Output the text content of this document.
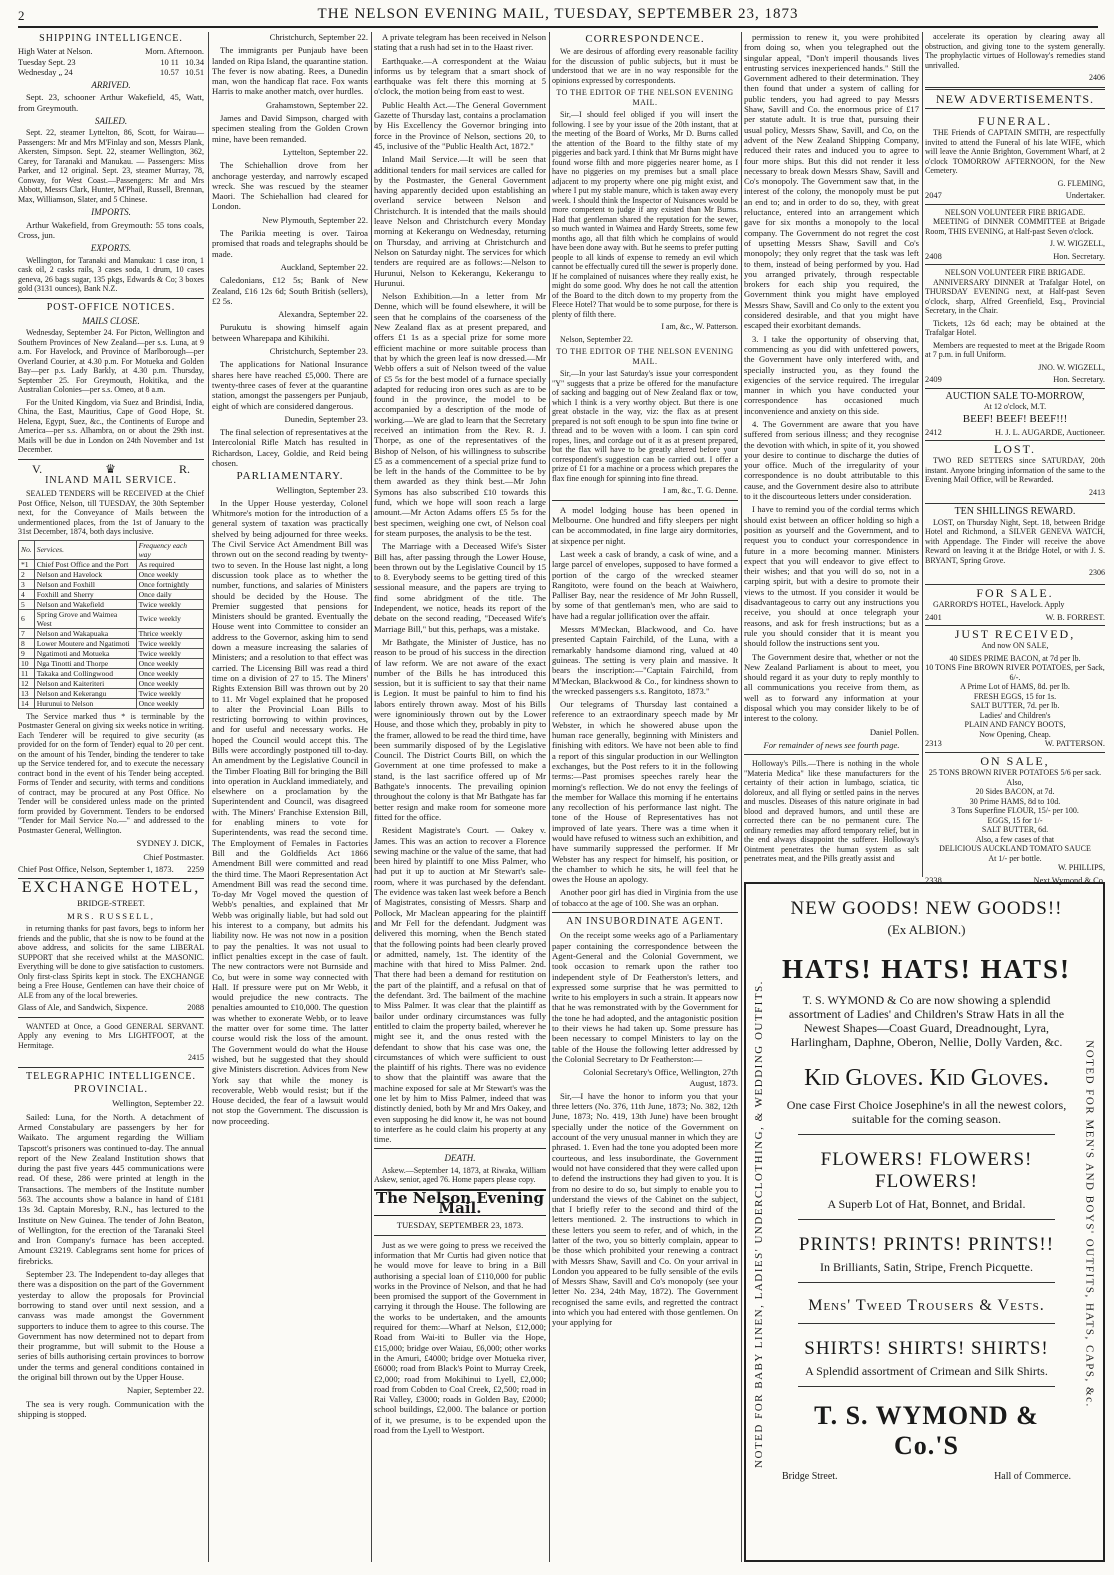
2	THE NELSON EVENING MAIL, TUESDAY, SEPTEMBER 23, 1873
SHIPPING INTELLIGENCE.
High Water at Nelson.	Morn. Afternoon.
Tuesday Sept. 23	10 11 10.34
Wednesday „ 24	10.57 10.51
ARRIVED.

Sept. 23, schooner Arthur Wakefield, 45, Watt, from Greymouth.

SAILED.

Sept. 22, steamer Lyttelton, 86, Scott, for Wairau—Passengers: Mr and Mrs M'Finlay and son, Messrs Plank, Akersten, Simpson. Sept. 22, steamer Wellington, 362, Carey, for Taranaki and Manukau. — Passengers: Miss Parker, and 12 original. Sept. 23, steamer Murray, 78, Conway, for West Coast.—Passengers: Mr and Mrs Abbott, Messrs Clark, Hunter, M'Phail, Russell, Brennan, Max, Williamson, Slater, and 5 Chinese.

IMPORTS.

Arthur Wakefield, from Greymouth: 55 tons coals, Cross, jun.

EXPORTS.

Wellington, for Taranaki and Manukau: 1 case iron, 1 cask oil, 2 casks rails, 3 cases soda, 1 drum, 10 cases geneva, 26 bags sugar, 135 pkgs, Edwards & Co; 3 boxes gold (3131 ounces), Bank N.Z.

POST-OFFICE NOTICES.
MAILS CLOSE.

Wednesday, September 24. For Picton, Wellington and Southern Provinces of New Zealand—per s.s. Luna, at 9 a.m. For Havelock, and Province of Marlborough—per Overland Courier, at 4.30 p.m. For Motueka and Golden Bay—per p.s. Lady Barkly, at 4.30 p.m. Thursday, September 25. For Greymouth, Hokitika, and the Australian Colonies—per s.s. Omeo, at 8 a.m.

For the United Kingdom, via Suez and Brindisi, India, China, the East, Mauritius, Cape of Good Hope, St. Helena, Egypt, Suez, &c., the Continents of Europe and America—per s.s. Alhambra, on or about the 29th inst. Mails will be due in London on 24th November and 1st December.

V.	♛	R.
INLAND MAIL SERVICE.

SEALED TENDERS will be RECEIVED at the Chief Post Office, Nelson, till TUESDAY, the 30th September next, for the Conveyance of Mails between the undermentioned places, from the 1st of January to the 31st December, 1874, both days inclusive.

No.	Services.	Frequency each way
*1	Chief Post Office and the Port	As required
2	Nelson and Havelock	Once weekly
3	Nelson and Foxhill	Once fortnightly
4	Foxhill and Sherry	Once daily
5	Nelson and Wakefield	Twice weekly
6	Spring Grove and Waimea West	Twice weekly
7	Nelson and Wakapuaka	Thrice weekly
8	Lower Moutere and Ngatimoti	Twice weekly
9	Ngatimoti and Motueka	Twice weekly
10	Nga Tinotti and Thorpe	Once weekly
11	Takaka and Collingwood	Once weekly
12	Nelson and Kaiteriteri	Once weekly
13	Nelson and Kekerangu	Twice weekly
14	Hurunui to Nelson	Once weekly

The Service marked thus * is terminable by the Postmaster General on giving six weeks notice in writing. Each Tenderer will be required to give security (as provided for on the form of Tender) equal to 20 per cent. on the amount of his Tender, binding the tenderer to take up the Service tendered for, and to execute the necessary contract bond in the event of his Tender being accepted. Forms of Tender and security, with terms and conditions of contract, may be procured at any Post Office. No Tender will be considered unless made on the printed form provided by Government. Tenders to be endorsed "Tender for Mail Service No.—" and addressed to the Postmaster General, Wellington.

SYDNEY J. DICK,

Chief Postmaster.

Chief Post Office, Nelson, September 1, 1873. 2259
EXCHANGE HOTEL,

BRIDGE-STREET.

MRS. RUSSELL,

in returning thanks for past favors, begs to inform her friends and the public, that she is now to be found at the above address, and solicits for the same LIBERAL SUPPORT that she received whilst at the MASONIC. Everything will be done to give satisfaction to customers. Only first-class Spirits kept in stock. The EXCHANGE being a Free House, Gentlemen can have their choice of ALE from any of the local breweries.

Glass of Ale, and Sandwich, Sixpence.	2088

WANTED at Once, a Good GENERAL SERVANT. Apply any evening to Mrs LIGHTFOOT, at the Hermitage.

2415

TELEGRAPHIC INTELLIGENCE.
PROVINCIAL.

Wellington, September 22.

Sailed: Luna, for the North. A detachment of Armed Constabulary are passengers by her for Waikato. The argument regarding the William Tapscott's prisoners was continued to-day. The annual report of the New Zealand Institution shows that during the past five years 445 communications were read. Of these, 286 were printed at length in the Transactions. The members of the Institute number 563. The accounts show a balance in hand of £181 13s 3d. Captain Moresby, R.N., has lectured to the Institute on New Guinea. The tender of John Beaton, of Wellington, for the erection of the Taranaki Steel and Iron Company's furnace has been accepted. Amount £3219. Cablegrams sent home for prices of firebricks.

September 23. The Independent to-day alleges that there was a disposition on the part of the Government yesterday to allow the proposals for Provincial borrowing to stand over until next session, and a canvass was made amongst the Government supporters to induce them to agree to this course. The Government has now determined not to depart from their programme, but will submit to the House a series of bills authorising certain provinces to borrow under the terms and general conditions contained in the original bill thrown out by the Upper House.

Napier, September 22.

The sea is very rough. Communication with the shipping is stopped.

Christchurch, September 22.

The immigrants per Punjaub have been landed on Ripa Island, the quarantine station. The fever is now abating. Rees, a Dunedin man, won the handicap flat race. Fox wants Harris to make another match, over hurdles.

Grahamstown, September 22.

James and David Simpson, charged with specimen stealing from the Golden Crown mine, have been remanded.

Lyttelton, September 22.

The Schiehallion drove from her anchorage yesterday, and narrowly escaped wreck. She was rescued by the steamer Maori. The Schiehallion had cleared for London.

New Plymouth, September 22.

The Parikia meeting is over. Tairoa promised that roads and telegraphs should be made.

Auckland, September 22.

Caledonians, £12 5s; Bank of New Zealand, £16 12s 6d; South British (sellers), £2 5s.

Alexandra, September 22.

Purukutu is showing himself again between Wharepapa and Kihikihi.

Christchurch, September 23.

The applications for National Insurance shares here have reached £5,000. There are twenty-three cases of fever at the quarantine station, amongst the passengers per Punjaub, eight of which are considered dangerous.

Dunedin, September 23.

The final selection of representatives at the Intercolonial Rifle Match has resulted in Richardson, Lacey, Goldie, and Reid being chosen.

PARLIAMENTARY.

Wellington, September 23.

In the Upper House yesterday, Colonel Whitmore's motion for the introduction of a general system of taxation was practically shelved by being adjourned for three weeks. The Civil Service Act Amendment Bill was thrown out on the second reading by twenty-two to seven. In the House last night, a long discussion took place as to whether the number, functions, and salaries of Ministers should be decided by the House. The Premier suggested that pensions for Ministers should be granted. Eventually the House went into Committee to consider an address to the Governor, asking him to send down a measure increasing the salaries of Ministers; and a resolution to that effect was carried. The Licensing Bill was read a third time on a division of 27 to 15. The Miners' Rights Extension Bill was thrown out by 20 to 11. Mr Vogel explained that he proposed to alter the Provincial Loan Bills to restricting borrowing to within provinces, and for useful and necessary works. He hoped the Council would accept this. The Bills were accordingly postponed till to-day. An amendment by the Legislative Council in the Timber Floating Bill for bringing the Bill into operation in Auckland immediately, and elsewhere on a proclamation by the Superintendent and Council, was disagreed with. The Miners' Franchise Extension Bill, for enabling miners to vote for Superintendents, was read the second time. The Employment of Females in Factories Bill and the Goldfields Act 1866 Amendment Bill were committed and read the third time. The Maori Representation Act Amendment Bill was read the second time. To-day Mr Vogel moved the question of Webb's penalties, and explained that Mr Webb was originally liable, but had sold out his interest to a company, but admits his liability now. He was not now in a position to pay the penalties. It was not usual to inflict penalties except in the case of fault. The new contractors were not Burnside and Co, but were in some way connected with Hall. If pressure were put on Mr Webb, it would prejudice the new contracts. The penalties amounted to £10,000. The question was whether to exonerate Webb, or to leave the matter over for some time. The latter course would risk the loss of the amount. The Government would do what the House wished, but he suggested that they should give Ministers discretion. Advices from New York say that while the money is recoverable, Webb would resist; but if the House decided, the fear of a lawsuit would not stop the Government. The discussion is now proceeding.

A private telegram has been received in Nelson stating that a rush had set in to the Haast river.

Earthquake.—A correspondent at the Waiau informs us by telegram that a smart shock of earthquake was felt there this morning at 5 o'clock, the motion being from east to west.

Public Health Act.—The General Government Gazette of Thursday last, contains a proclamation by His Excellency the Governor bringing into force in the Province of Nelson, sections 20, to 45, inclusive of the "Public Health Act, 1872."

Inland Mail Service.—It will be seen that additional tenders for mail services are called for by the Postmaster, the General Government having apparently decided upon establishing an overland service between Nelson and Christchurch. It is intended that the mails should leave Nelson and Christchurch every Monday morning at Kekerangu on Wednesday, returning on Thursday, and arriving at Christchurch and Nelson on Saturday night. The services for which tenders are required are as follows:—Nelson to Hurunui, Nelson to Kekerangu, Kekerangu to Hurunui.

Nelson Exhibition.—In a letter from Mr Denne, which will be found elsewhere, it will be seen that he complains of the coarseness of the New Zealand flax as at present prepared, and offers £1 1s as a special prize for some more efficient machine or more suitable process than that by which the green leaf is now dressed.—Mr Webb offers a suit of Nelson tweed of the value of £5 5s for the best model of a furnace specially adapted for reducing iron ores such as are to be found in the province, the model to be accompanied by a description of the mode of working.—We are glad to learn that the Secretary received an intimation from the Rev. R. J. Thorpe, as one of the representatives of the Bishop of Nelson, of his willingness to subscribe £5 as a commencement of a special prize fund to be left in the hands of the Committee to be by them awarded as they think best.—Mr John Symons has also subscribed £10 towards this fund, which we hope will soon reach a large amount.—Mr Acton Adams offers £5 5s for the best specimen, weighing one cwt, of Nelson coal for steam purposes, the analysis to be the test.

The Marriage with a Deceased Wife's Sister Bill has, after passing through the Lower House, been thrown out by the Legislative Council by 15 to 8. Everybody seems to be getting tired of this sessional measure, and the papers are trying to find some abridgment of the title. The Independent, we notice, heads its report of the debate on the second reading, "Deceased Wife's Marriage Bill," but this, perhaps, was a mistake.

Mr Bathgate, the Minister of Justice, has no reason to be proud of his success in the direction of law reform. We are not aware of the exact number of the Bills he has introduced this session, but it is sufficient to say that their name is Legion. It must be painful to him to find his labors entirely thrown away. Most of his Bills were ignominiously thrown out by the Lower House, and those which they, probably in pity to the framer, allowed to be read the third time, have been summarily disposed of by the Legislative Council. The District Courts Bill, on which the Government at one time professed to make a stand, is the last sacrifice offered up of Mr Bathgate's innocents. The prevailing opinion throughout the colony is that Mr Bathgate has far better resign and make room for someone more fitted for the office.

Resident Magistrate's Court. — Oakey v. James. This was an action to recover a Florence sewing machine or the value of the same, that had been hired by plaintiff to one Miss Palmer, who had put it up to auction at Mr Stewart's sale-room, where it was purchased by the defendant. The evidence was taken last week before a Bench of Magistrates, consisting of Messrs. Sharp and Pollock, Mr Maclean appearing for the plaintiff and Mr Fell for the defendant. Judgment was delivered this morning, when the Bench stated that the following points had been clearly proved or admitted, namely, 1st. The identity of the machine with that hired to Miss Palmer. 2nd. That there had been a demand for restitution on the part of the plaintiff, and a refusal on that of the defendant. 3rd. The bailment of the machine to Miss Palmer. It was clear that the plaintiff as bailor under ordinary circumstances was fully entitled to claim the property bailed, wherever he might see it, and the onus rested with the defendant to show that his case was one, the circumstances of which were sufficient to oust the plaintiff of his rights. There was no evidence to show that the plaintiff was aware that the machine exposed for sale at Mr Stewart's was the one let by him to Miss Palmer, indeed that was distinctly denied, both by Mr and Mrs Oakey, and even supposing he did know it, he was not bound to interfere as he could claim his property at any time.

DEATH.

Askew.—September 14, 1873, at Riwaka, William Askew, senior, aged 76. Home papers please copy.

The Nelson Evening Mail.

TUESDAY, SEPTEMBER 23, 1873.

Just as we were going to press we received the information that Mr Curtis had given notice that he would move for leave to bring in a Bill authorising a special loan of £110,000 for public works in the Province of Nelson, and that he had been promised the support of the Government in carrying it through the House. The following are the works to be undertaken, and the amounts required for them:—Wharf at Nelson, £12,000; Road from Wai-iti to Buller via the Hope, £15,000; bridge over Waiau, £6,000; other works in the Amuri, £4000; bridge over Motueka river, £6000; road from Black's Point to Murray Creek, £2,000; road from Mokihinui to Lyell, £2,000; road from Cobden to Coal Creek, £2,500; road in Rai Valley, £3000; roads in Golden Bay, £2000; school buildings, £2,000. The balance or portion of it, we presume, is to be expended upon the road from the Lyell to Westport.

CORRESPONDENCE.

We are desirous of affording every reasonable facility for the discussion of public subjects, but it must be understood that we are in no way responsible for the opinions expressed by correspondents.

TO THE EDITOR OF THE NELSON EVENING MAIL.

Sir,—I should feel obliged if you will insert the following. I see by your issue of the 20th instant, that at the meeting of the Board of Works, Mr D. Burns called the attention of the Board to the filthy state of my piggeries and back yard. I think that Mr Burns might have found worse filth and more piggeries nearer home, as I have no piggeries on my premises but a small place adjacent to my property where one pig might exist, and where I put my stable manure, which is taken away every week. I should think the Inspector of Nuisances would be more competent to judge if any existed than Mr Burns. Had that gentleman shared the reputation for the sewer, so much wanted in Waimea and Hardy Streets, some few months ago, all that filth which he complains of would have been done away with. But he seems to prefer putting people to all kinds of expense to remedy an evil which cannot be effectually cured till the sewer is properly done. If he complained of nuisances where they really exist, he might do some good. Why does he not call the attention of the Board to the ditch down to my property from the Fleece Hotel? That would be to some purpose, for there is plenty of filth there.

I am, &c., W. Patterson.

Nelson, September 22.

TO THE EDITOR OF THE NELSON EVENING MAIL.

Sir,—In your last Saturday's issue your correspondent "Y" suggests that a prize be offered for the manufacture of sacking and bagging out of New Zealand flax or tow, which I think is a very worthy object. But there is one great obstacle in the way, viz: the flax as at present prepared is not soft enough to be spun into fine twine or thread and to be woven with a loom. I can spin cord ropes, lines, and cordage out of it as at present prepared, but the flax will have to be greatly altered before your correspondent's suggestion can be carried out. I offer a prize of £1 for a machine or a process which prepares the flax fine enough for spinning into fine thread.

I am, &c., T. G. Denne.

A model lodging house has been opened in Melbourne. One hundred and fifty sleepers per night can be accommodated, in fine large airy dormitories, at sixpence per night.

Last week a cask of brandy, a cask of wine, and a large parcel of envelopes, supposed to have formed a portion of the cargo of the wrecked steamer Rangitoto, were found on the beach at Waiwhero, Palliser Bay, near the residence of Mr John Russell, by some of that gentleman's men, who are said to have had a regular jollification over the affair.

Messrs M'Meckan, Blackwood, and Co. have presented Captain Fairchild, of the Luna, with a remarkably handsome diamond ring, valued at 40 guineas. The setting is very plain and massive. It bears the inscription:—"Captain Fairchild, from M'Meckan, Blackwood & Co., for kindness shown to the wrecked passengers s.s. Rangitoto, 1873."

Our telegrams of Thursday last contained a reference to an extraordinary speech made by Mr Webster, in which he showered abuse upon the human race generally, beginning with Ministers and finishing with editors. We have not been able to find a report of this singular production in our Wellington exchanges, but the Post refers to it in the following terms:—Past promises speeches rarely hear the morning's reflection. We do not envy the feelings of the member for Wallace this morning if he entertains any recollection of his performance last night. The tone of the House of Representatives has not improved of late years. There was a time when it would have refused to witness such an exhibition, and have summarily suppressed the performer. If Mr Webster has any respect for himself, his position, or the chamber to which he sits, he will feel that he owes the House an apology.

Another poor girl has died in Virginia from the use of tobacco at the age of 100. She was an orphan.

AN INSUBORDINATE AGENT.

On the receipt some weeks ago of a Parliamentary paper containing the correspondence between the Agent-General and the Colonial Government, we took occasion to remark upon the rather too independent style of Dr Featherston's letters, and expressed some surprise that he was permitted to write to his employers in such a strain. It appears now that he was remonstrated with by the Government for the tone he had adopted, and the antagonistic position to their views he had taken up. Some pressure has been necessary to compel Ministers to lay on the table of the House the following letter addressed by the Colonial Secretary to Dr Featherston:—

Colonial Secretary's Office, Wellington, 27th August, 1873.

Sir,—I have the honor to inform you that your three letters (No. 376, 11th June, 1873; No. 382, 12th June, 1873; No. 419, 13th June) have been brought specially under the notice of the Government on account of the very unusual manner in which they are phrased. 1. Even had the tone you adopted been more courteous, and less insubordinate, the Government would not have considered that they were called upon to defend the instructions they had given to you. It is from no desire to do so, but simply to enable you to understand the views of the Cabinet on the subject, that I briefly refer to the second and third of the letters mentioned. 2. The instructions to which in these letters you seem to refer, and of which, in the latter of the two, you so bitterly complain, appear to be those which prohibited your renewing a contract with Messrs Shaw, Savill and Co. On your arrival in London you appeared to be fully sensible of the evils of Messrs Shaw, Savill and Co's monopoly (see your letter No. 234, 24th May, 1872). The Government recognised the same evils, and regretted the contract into which you had entered with those gentlemen. On your applying for

permission to renew it, you were prohibited from doing so, when you telegraphed out the singular appeal, "Don't imperil thousands lives entrusting services inexperienced hands." Still the Government adhered to their determination. They then found that under a system of calling for public tenders, you had agreed to pay Messrs Shaw, Savill and Co. the enormous price of £17 per statute adult. It is true that, pursuing their usual policy, Messrs Shaw, Savill, and Co, on the advent of the New Zealand Shipping Company, reduced their rates and induced you to agree to four more ships. But this did not render it less necessary to break down Messrs Shaw, Savill and Co's monopoly. The Government saw that, in the interest of the colony, the monopoly must be put an end to; and in order to do so, they, with great reluctance, entered into an arrangement which gave for six months a monopoly to the local company. The Government do not regret the cost of upsetting Messrs Shaw, Savill and Co's monopoly; they only regret that the task was left to them, instead of being performed by you. Had you arranged privately, through respectable brokers for each ship you required, the Government think you might have employed Messrs Shaw, Savill and Co only to the extent you considered desirable, and that you might have escaped their exorbitant demands.

3. I take the opportunity of observing that, commencing as you did with unfettered powers, the Government have only interfered with, and specially instructed you, as they found the exigencies of the service required. The irregular manner in which you have conducted your correspondence has occasioned much inconvenience and anxiety on this side.

4. The Government are aware that you have suffered from serious illness; and they recognise the devotion with which, in spite of it, you showed your desire to continue to discharge the duties of your office. Much of the irregularity of your correspondence is no doubt attributable to this cause, and the Government desire also to attribute to it the discourteous letters under consideration.

I have to remind you of the cordial terms which should exist between an officer holding so high a position as yourself and the Government, and to request you to conduct your correspondence in future in a more becoming manner. Ministers expect that you will endeavor to give effect to their wishes; and that you will do so, not in a carping spirit, but with a desire to promote their views to the utmost. If you consider it would be disadvantageous to carry out any instructions you receive, you should at once telegraph your reasons, and ask for fresh instructions; but as a rule you should consider that it is meant you should follow the instructions sent you.

The Government desire that, whether or not the New Zealand Parliament is about to meet, you should regard it as your duty to reply monthly to all communications you receive from them, as well as to forward any information at your disposal which you may consider likely to be of interest to the colony.

Daniel Pollen.

For remainder of news see fourth page.

Holloway's Pills.—There is nothing in the whole "Materia Medica" like these manufacturers for the certainty of their action in lumbago, sciatica, tic doloreux, and all flying or settled pains in the nerves and muscles. Diseases of this nature originate in bad blood and depraved humors, and until these are corrected there can be no permanent cure. The ordinary remedies may afford temporary relief, but in the end always disappoint the sufferer. Holloway's Ointment penetrates the human system as salt penetrates meat, and the Pills greatly assist and

accelerate its operation by clearing away all obstruction, and giving tone to the system generally. The prophylactic virtues of Holloway's remedies stand unrivalled.

2406

NEW ADVERTISEMENTS.
FUNERAL.

THE Friends of CAPTAIN SMITH, are respectfully invited to attend the Funeral of his late WIFE, which will leave the Annie Brighton, Government Wharf, at 2 o'clock TOMORROW AFTERNOON, for the New Cemetery.

G. FLEMING,

2047	Undertaker.
NELSON VOLUNTEER FIRE BRIGADE.

MEETING of DINNER COMMITTEE at Brigade Room, THIS EVENING, at Half-past Seven o'clock.

J. W. WIGZELL,

2408	Hon. Secretary.
NELSON VOLUNTEER FIRE BRIGADE.

ANNIVERSARY DINNER at Trafalgar Hotel, on THURSDAY EVENING next, at Half-past Seven o'clock, sharp, Alfred Greenfield, Esq., Provincial Secretary, in the Chair.

Tickets, 12s 6d each; may be obtained at the Trafalgar Hotel.

Members are requested to meet at the Brigade Room at 7 p.m. in full Uniform.

JNO. W. WIGZELL,

2409	Hon. Secretary.
AUCTION SALE TO-MORROW,

At 12 o'clock, M.T.

BEEF! BEEF! BEEF!!!

2412	H. J. L. AUGARDE, Auctioneer.
LOST.

TWO RED SETTERS since SATURDAY, 20th instant. Anyone bringing information of the same to the Evening Mail Office, will be Rewarded.

2413

TEN SHILLINGS REWARD.

LOST, on Thursday Night, Sept. 18, between Bridge Hotel and Richmond, a SILVER GENEVA WATCH, with Appendage. The Finder will receive the above Reward on leaving it at the Bridge Hotel, or with J. S. BRYANT, Spring Grove.

2306

FOR SALE.

GARRORD'S HOTEL, Havelock. Apply

2401	W. B. FORREST.
JUST RECEIVED,

And now ON SALE,

40 SIDES PRIME BACON, at 7d per lb.
10 TONS Fine BROWN RIVER POTATOES, per Sack, 6/-.
A Prime Lot of HAMS, 8d. per lb.
FRESH EGGS, 15 for 1s.
SALT BUTTER, 7d. per lb.
Ladies' and Children's
PLAIN AND FANCY BOOTS,
Now Opening, Cheap.
2313	W. PATTERSON.
ON SALE,
25 TONS BROWN RIVER POTATOES 5/6 per sack.
Also,
20 Sides BACON, at 7d.
30 Prime HAMS, 8d to 10d.
3 Tons Superfine FLOUR, 15/- per 100.
EGGS, 15 for 1/-
SALT BUTTER, 6d.
Also, a few cases of that
DELICIOUS AUCKLAND TOMATO SAUCE
At 1/- per bottle.

W. PHILLIPS,

2338	Next Wymond & Co.
NOTED FOR BABY LINEN, LADIES' UNDERCLOTHING, & WEDDING OUTFITS.
NEW GOODS! NEW GOODS!!
(Ex ALBION.)
HATS! HATS! HATS!
T. S. WYMOND & Co are now showing a splendid assortment of Ladies' and Children's Straw Hats in all the Newest Shapes—Coast Guard, Dreadnought, Lyra, Harlingham, Daphne, Oberon, Nellie, Dolly Varden, &c.
Kid Gloves. Kid Gloves.
One case First Choice Josephine's in all the newest colors, suitable for the coming season.
FLOWERS! FLOWERS! FLOWERS!
A Superb Lot of Hat, Bonnet, and Bridal.
PRINTS! PRINTS! PRINTS!!
In Brilliants, Satin, Stripe, French Picquette.
Mens' Tweed Trousers & Vests.
SHIRTS! SHIRTS! SHIRTS!
A Splendid assortment of Crimean and Silk Shirts.
T. S. WYMOND & Co.'S
Bridge Street.	Hall of Commerce.
NOTED FOR MEN'S AND BOYS' OUTFITS, HATS, CAPS, &c.
